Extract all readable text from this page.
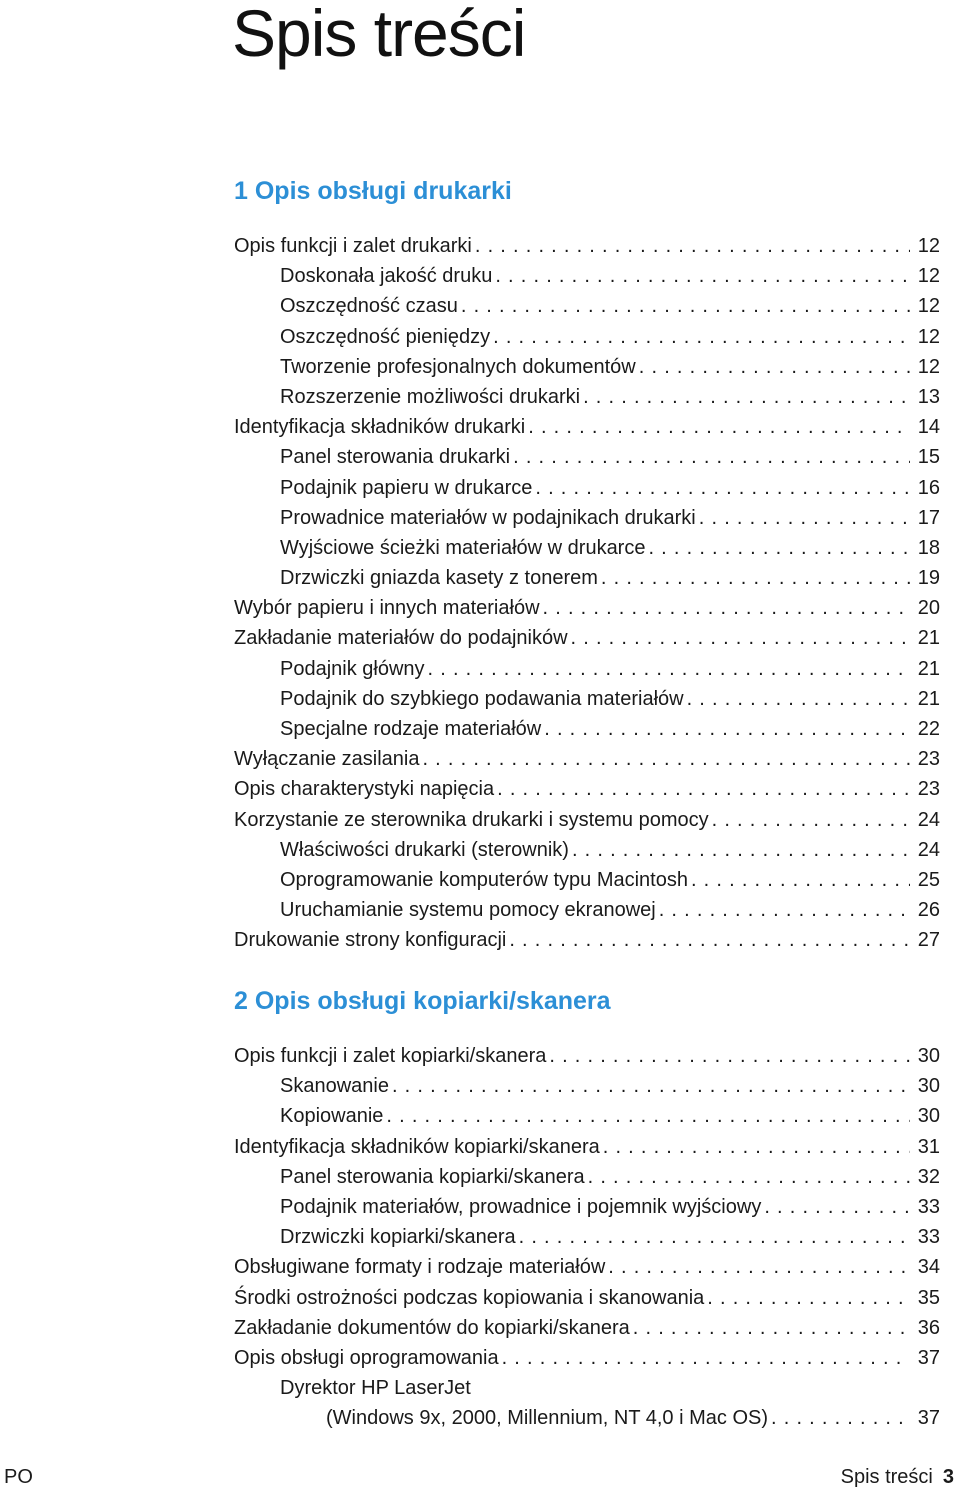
Spis treści
1 Opis obsługi drukarki
Opis funkcji i zalet drukarki . . .	12
Doskonała jakość druku . . .	12
Oszczędność czasu . . .	12
Oszczędność pieniędzy . . .	12
Tworzenie profesjonalnych dokumentów . . .	12
Rozszerzenie możliwości drukarki . . .	13
Identyfikacja składników drukarki . . .	14
Panel sterowania drukarki . . .	15
Podajnik papieru w drukarce . . .	16
Prowadnice materiałów w podajnikach drukarki . . .	17
Wyjściowe ścieżki materiałów w drukarce . . .	18
Drzwiczki gniazda kasety z tonerem . . .	19
Wybór papieru i innych materiałów . . .	20
Zakładanie materiałów do podajników . . .	21
Podajnik główny . . .	21
Podajnik do szybkiego podawania materiałów . . .	21
Specjalne rodzaje materiałów . . .	22
Wyłączanie zasilania . . .	23
Opis charakterystyki napięcia . . .	23
Korzystanie ze sterownika drukarki i systemu pomocy . . .	24
Właściwości drukarki (sterownik) . . .	24
Oprogramowanie komputerów typu Macintosh . . .	25
Uruchamianie systemu pomocy ekranowej . . .	26
Drukowanie strony konfiguracji . . .	27
2 Opis obsługi kopiarki/skanera
Opis funkcji i zalet kopiarki/skanera . . .	30
Skanowanie . . .	30
Kopiowanie . . .	30
Identyfikacja składników kopiarki/skanera . . .	31
Panel sterowania kopiarki/skanera . . .	32
Podajnik materiałów, prowadnice i pojemnik wyjściowy . . .	33
Drzwiczki kopiarki/skanera . . .	33
Obsługiwane formaty i rodzaje materiałów . . .	34
Środki ostrożności podczas kopiowania i skanowania . . .	35
Zakładanie dokumentów do kopiarki/skanera . . .	36
Opis obsługi oprogramowania . . .	37
Dyrektor HP LaserJet
(Windows 9x, 2000, Millennium, NT 4,0 i Mac OS) . . .	37
PO	Spis treści 3
